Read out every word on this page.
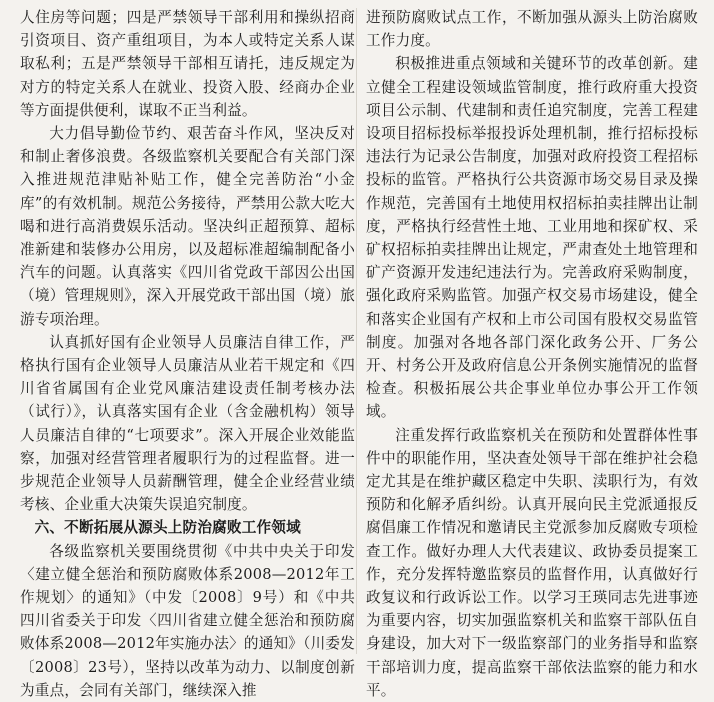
人住房等问题；四是严禁领导干部利用和操纵招商引资项目、资产重组项目，为本人或特定关系人谋取私利；五是严禁领导干部相互请托，违反规定为对方的特定关系人在就业、投资入股、经商办企业等方面提供便利，谋取不正当利益。

大力倡导勤俭节约、艰苦奋斗作风，坚决反对和制止奢侈浪费。各级监察机关要配合有关部门深入推进规范津贴补贴工作，健全完善防治“小金库”的有效机制。规范公务接待，严禁用公款大吃大喝和进行高消费娱乐活动。坚决纠正超预算、超标准新建和装修办公用房，以及超标准超编制配备小汽车的问题。认真落实《四川省党政干部因公出国（境）管理规则》，深入开展党政干部出国（境）旅游专项治理。

认真抓好国有企业领导人员廉洁自律工作，严格执行国有企业领导人员廉洁从业若干规定和《四川省省属国有企业党风廉洁建设责任制考核办法（试行）》，认真落实国有企业（含金融机构）领导人员廉洁自律的“七项要求”。深入开展企业效能监察，加强对经营管理者履职行为的过程监督。进一步规范企业领导人员薪酬管理，健全企业经营业绩考核、企业重大决策失误追究制度。

六、不断拓展从源头上防治腐败工作领域

各级监察机关要围绕贯彻《中共中央关于印发〈建立健全惩治和预防腐败体系2008—2012年工作规划〉的通知》（中发〔2008〕9号）和《中共四川省委关于印发〈四川省建立健全惩治和预防腐败体系2008—2012年实施办法〉的通知》（川委发〔2008〕23号），坚持以改革为动力、以制度创新为重点，会同有关部门，继续深入推

进预防腐败试点工作，不断加强从源头上防治腐败工作力度。

积极推进重点领域和关键环节的改革创新。建立健全工程建设领域监管制度，推行政府重大投资项目公示制、代建制和责任追究制度，完善工程建设项目招标投标举报投诉处理机制，推行招标投标违法行为记录公告制度，加强对政府投资工程招标投标的监管。严格执行公共资源市场交易目录及操作规范，完善国有土地使用权招标拍卖挂牌出让制度，严格执行经营性土地、工业用地和探矿权、采矿权招标拍卖挂牌出让规定，严肃查处土地管理和矿产资源开发违纪违法行为。完善政府采购制度，强化政府采购监管。加强产权交易市场建设，健全和落实企业国有产权和上市公司国有股权交易监管制度。加强对各地各部门深化政务公开、厂务公开、村务公开及政府信息公开条例实施情况的监督检查。积极拓展公共企事业单位办事公开工作领域。

注重发挥行政监察机关在预防和处置群体性事件中的职能作用，坚决查处领导干部在维护社会稳定尤其是在维护藏区稳定中失职、渎职行为，有效预防和化解矛盾纠纷。认真开展向民主党派通报反腐倡廉工作情况和邀请民主党派参加反腐败专项检查工作。做好办理人大代表建议、政协委员提案工作，充分发挥特邀监察员的监督作用，认真做好行政复议和行政诉讼工作。以学习王瑛同志先进事迹为重要内容，切实加强监察机关和监察干部队伍自身建设，加大对下一级监察部门的业务指导和监察干部培训力度，提高监察干部依法监察的能力和水平。
